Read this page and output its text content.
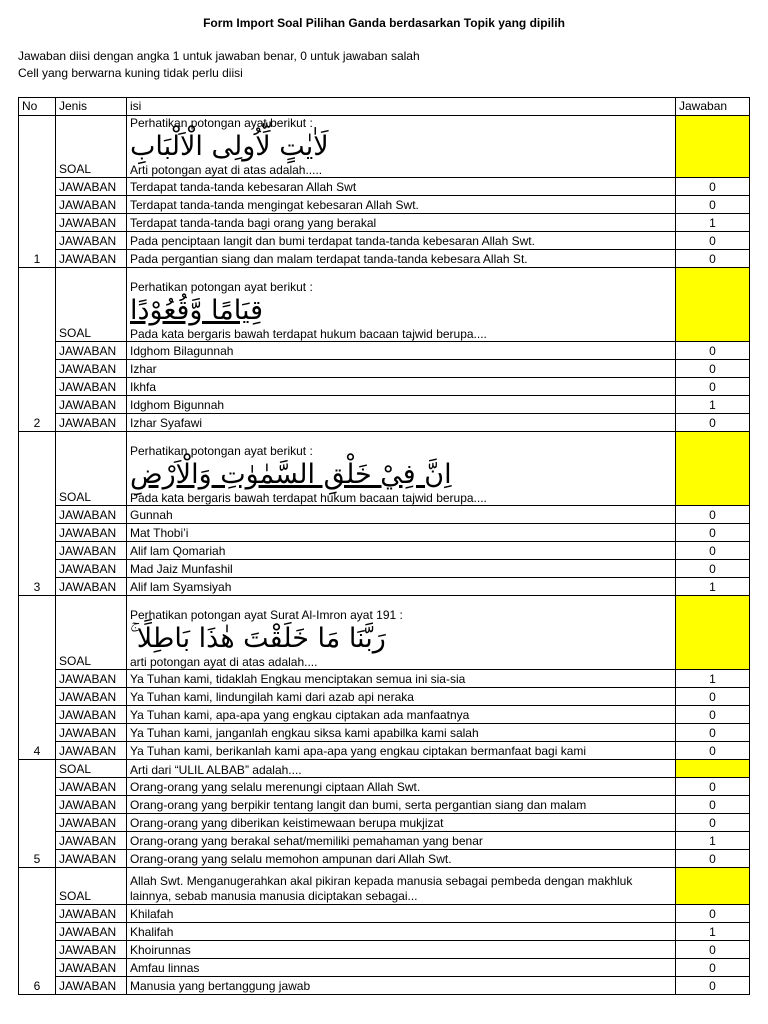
Form Import Soal Pilihan Ganda berdasarkan Topik yang dipilih
Jawaban diisi dengan angka 1 untuk jawaban benar, 0 untuk jawaban salah
Cell yang berwarna kuning tidak perlu diisi
No	Jenis	isi	Jawaban
1	SOAL	Perhatikan potongan ayat berikut :
لَاٰيٰتٍ لِّاُولِى الْاَلْبَابِ
Arti potongan ayat di atas adalah.....	

	JAWABAN	Terdapat tanda-tanda kebesaran Allah Swt	0
	JAWABAN	Terdapat tanda-tanda mengingat kebesaran Allah Swt.	0
	JAWABAN	Terdapat tanda-tanda bagi orang yang berakal	1
	JAWABAN	Pada penciptaan langit dan bumi terdapat tanda-tanda kebesaran Allah Swt.	0
	JAWABAN	Pada pergantian siang dan malam terdapat tanda-tanda kebesara Allah St.	0
2	SOAL	Perhatikan potongan ayat berikut :
قِيَامًا وَّقُعُوْدًا
Pada kata bergaris bawah terdapat hukum bacaan tajwid berupa....	

	JAWABAN	Idghom Bilagunnah	0
	JAWABAN	Izhar	0
	JAWABAN	Ikhfa	0
	JAWABAN	Idghom Bigunnah	1
	JAWABAN	Izhar Syafawi	0
3	SOAL	Perhatikan potongan ayat berikut :
اِنَّ فِيْ خَلْقِ السَّمٰوٰتِ وَالْاَرْضِ
Pada kata bergaris bawah terdapat hukum bacaan tajwid berupa....	

	JAWABAN	Gunnah	0
	JAWABAN	Mat Thobi’i	0
	JAWABAN	Alif lam Qomariah	0
	JAWABAN	Mad Jaiz Munfashil	0
	JAWABAN	Alif lam Syamsiyah	1
4	SOAL	Perhatikan potongan ayat Surat Al-Imron ayat 191 :
رَبَّنَا مَا خَلَقْتَ هٰذَا بَاطِلًا ۚ
arti potongan ayat di atas adalah....	

	JAWABAN	Ya Tuhan kami, tidaklah Engkau menciptakan semua ini sia-sia	1
	JAWABAN	Ya Tuhan kami, lindungilah kami dari azab api neraka	0
	JAWABAN	Ya Tuhan kami, apa-apa yang engkau ciptakan ada manfaatnya	0
	JAWABAN	Ya Tuhan kami, janganlah engkau siksa kami apabilka kami salah	0
	JAWABAN	Ya Tuhan kami, berikanlah kami apa-apa yang engkau ciptakan bermanfaat bagi kami	0
5	SOAL	Arti dari “ULIL ALBAB” adalah....	

	JAWABAN	Orang-orang yang selalu merenungi ciptaan Allah Swt.	0
	JAWABAN	Orang-orang yang berpikir tentang langit dan bumi, serta pergantian siang dan malam	0
	JAWABAN	Orang-orang yang diberikan keistimewaan berupa mukjizat	0
	JAWABAN	Orang-orang yang berakal sehat/memiliki pemahaman yang benar	1
	JAWABAN	Orang-orang yang selalu memohon ampunan dari Allah Swt.	0
6	SOAL	Allah Swt. Menganugerahkan akal pikiran kepada manusia sebagai pembeda dengan makhluk lainnya, sebab manusia manusia diciptakan sebagai...	

	JAWABAN	Khilafah	0
	JAWABAN	Khalifah	1
	JAWABAN	Khoirunnas	0
	JAWABAN	Amfau linnas	0
	JAWABAN	Manusia yang bertanggung jawab	0
